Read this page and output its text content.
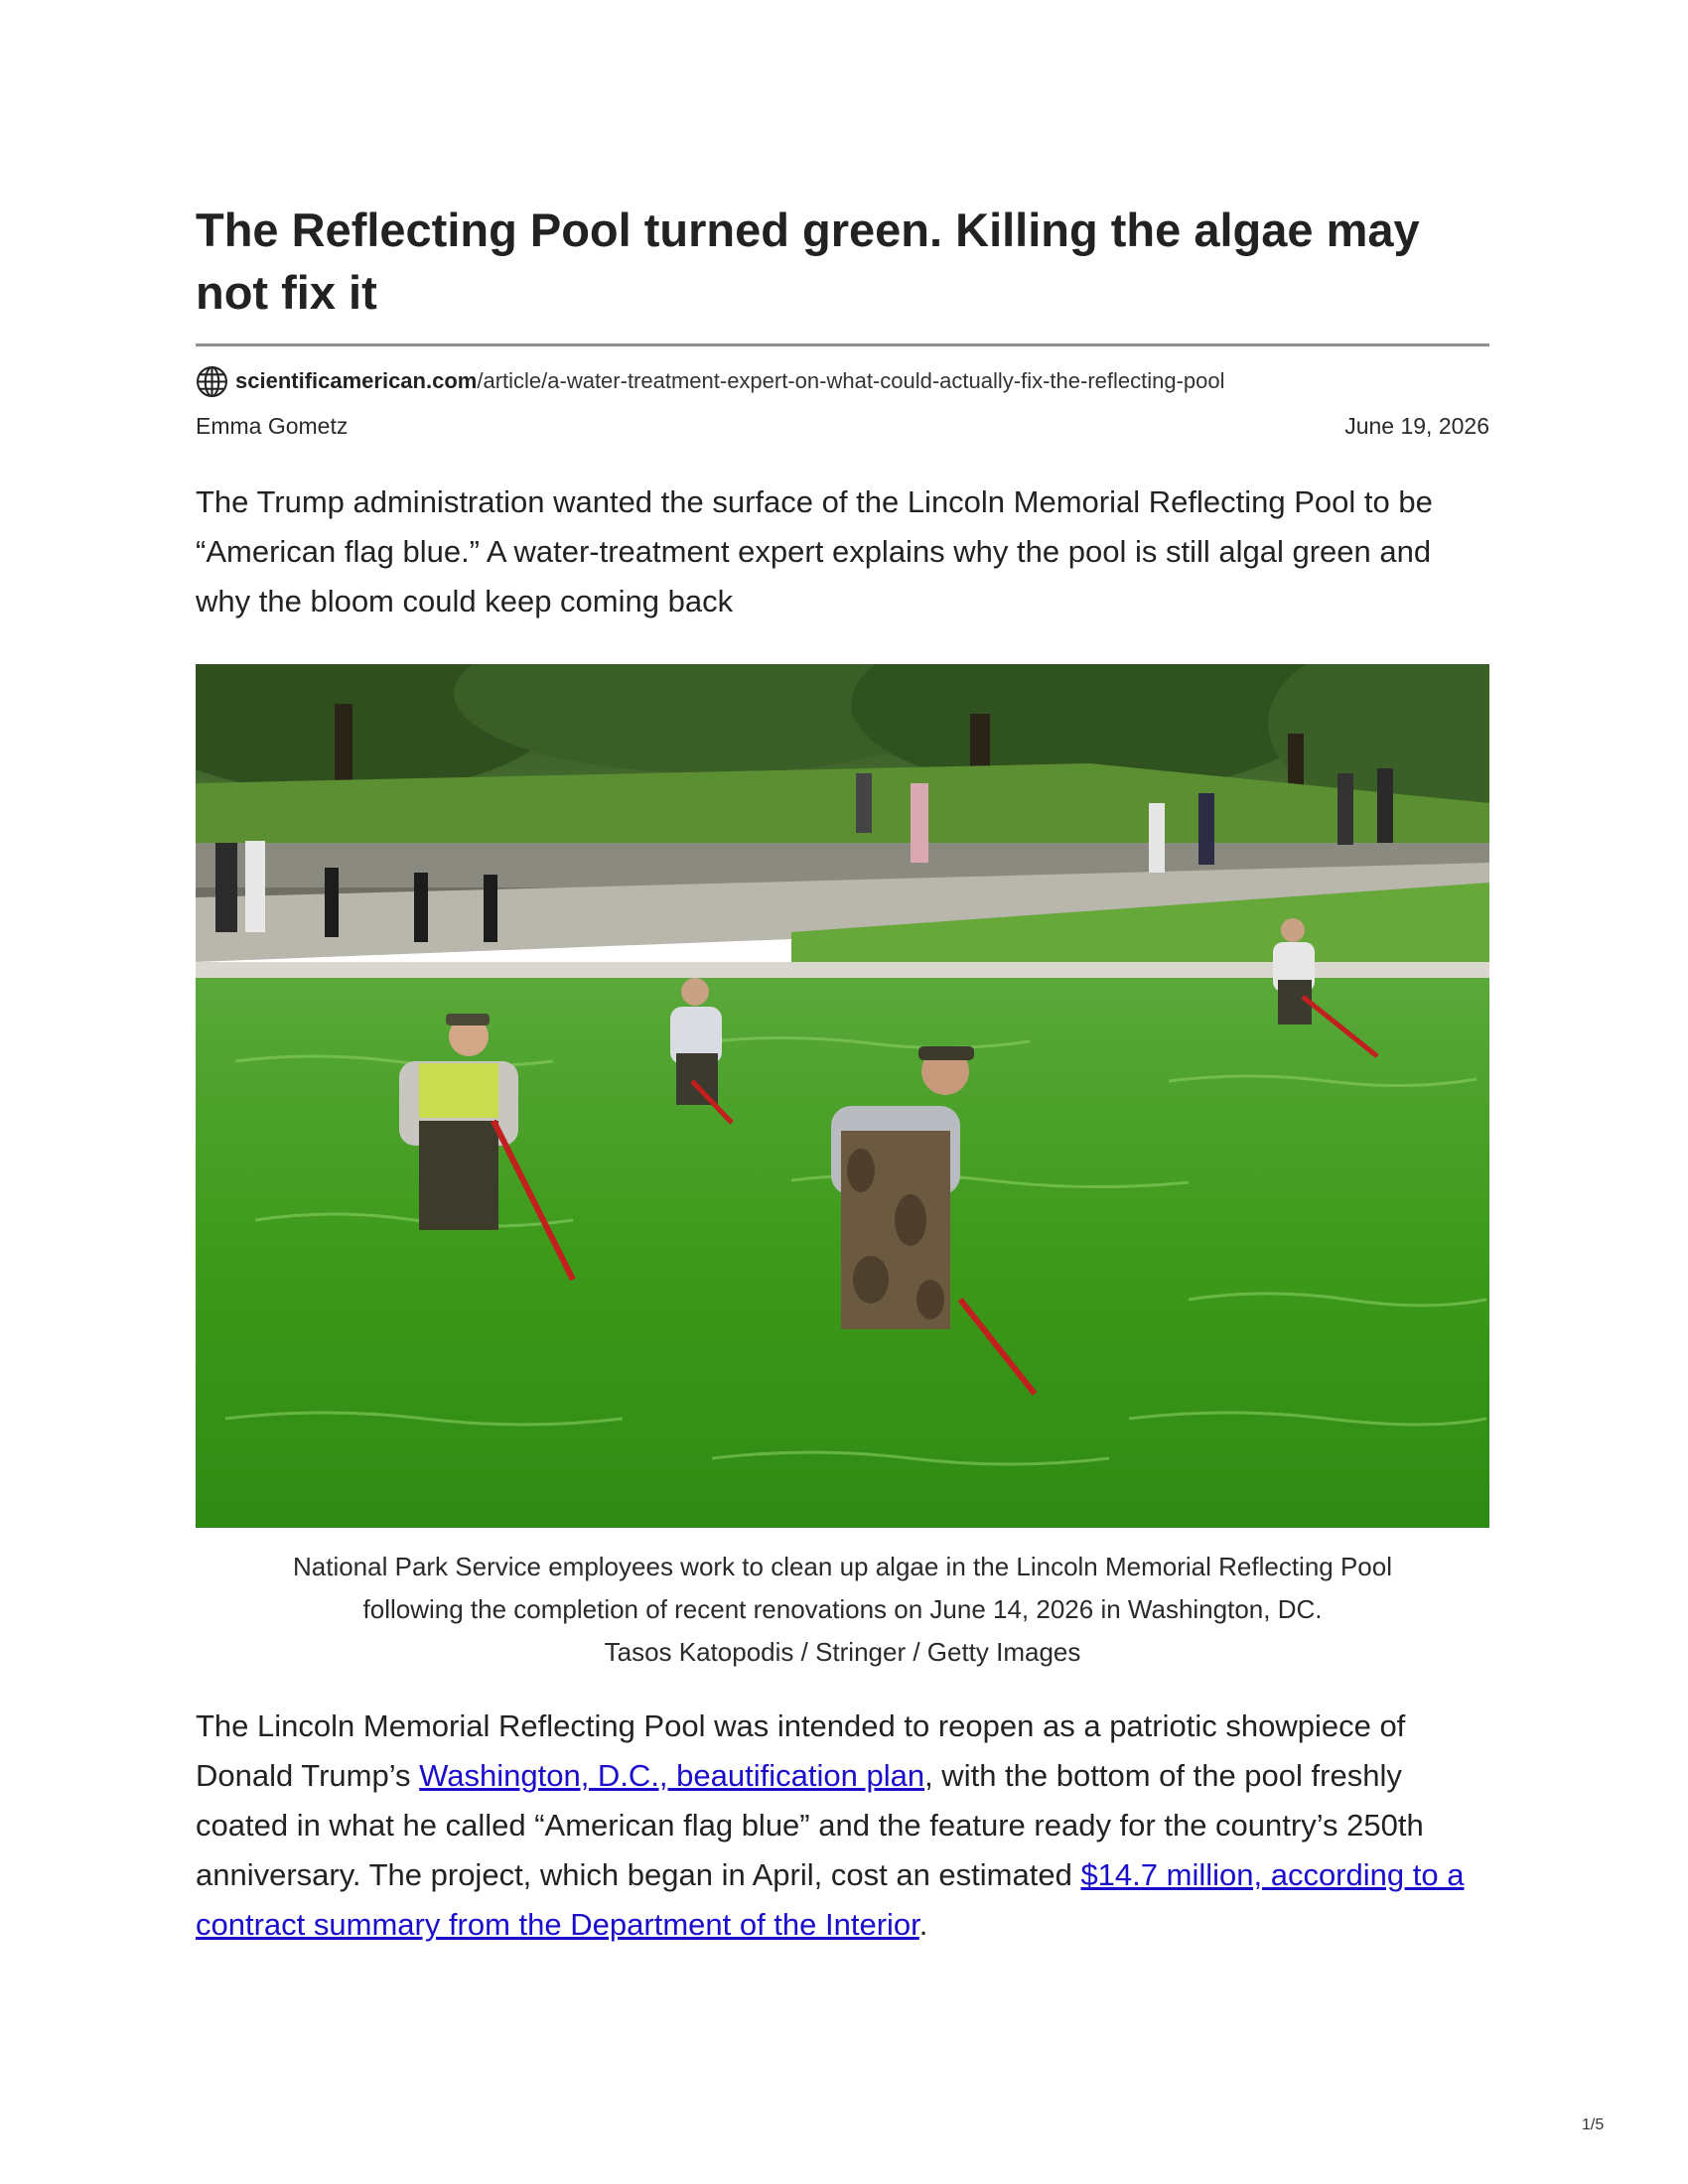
The Reflecting Pool turned green. Killing the algae may not fix it
scientificamerican.com /article/a-water-treatment-expert-on-what-could-actually-fix-the-reflecting-pool
Emma Gometz	June 19, 2026
The Trump administration wanted the surface of the Lincoln Memorial Reflecting Pool to be “American flag blue.” A water-treatment expert explains why the pool is still algal green and why the bloom could keep coming back
National Park Service employees work to clean up algae in the Lincoln Memorial Reflecting Pool
following the completion of recent renovations on June 14, 2026 in Washington, DC.
Tasos Katopodis / Stringer / Getty Images

The Lincoln Memorial Reflecting Pool was intended to reopen as a patriotic showpiece of Donald Trump’s Washington, D.C., beautification plan, with the bottom of the pool freshly coated in what he called “American flag blue” and the feature ready for the country’s 250th anniversary. The project, which began in April, cost an estimated $14.7 million, according to a contract summary from the Department of the Interior.

1/5
